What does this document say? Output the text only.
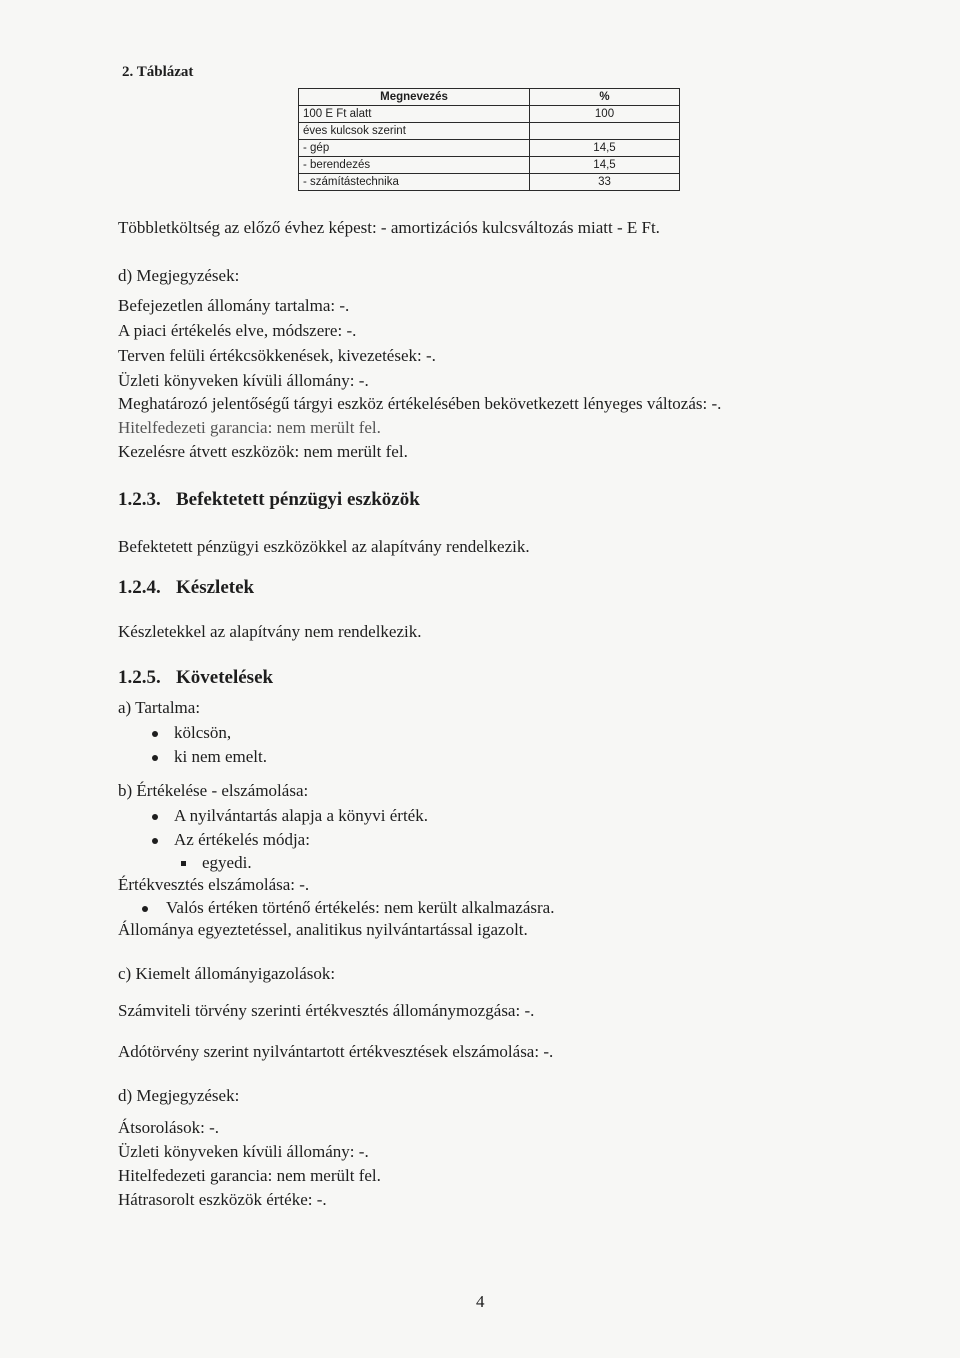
2. Táblázat
Megnevezés	%
100 E Ft alatt	100
éves kulcsok szerint	
- gép	14,5
- berendezés	14,5
- számítástechnika	33
Többletköltség az előző évhez képest: - amortizációs kulcsváltozás miatt - E Ft.
d) Megjegyzések:
Befejezetlen állomány tartalma: -.
A piaci értékelés elve, módszere: -.
Terven felüli értékcsökkenések, kivezetések: -.
Üzleti könyveken kívüli állomány: -.
Meghatározó jelentőségű tárgyi eszköz értékelésében bekövetkezett lényeges változás: -.
Hitelfedezeti garancia: nem merült fel.
Kezelésre átvett eszközök: nem merült fel.
1.2.3. Befektetett pénzügyi eszközök
Befektetett pénzügyi eszközökkel az alapítvány rendelkezik.
1.2.4. Készletek
Készletekkel az alapítvány nem rendelkezik.
1.2.5. Követelések
a) Tartalma:
kölcsön,
ki nem emelt.
b) Értékelése - elszámolása:
A nyilvántartás alapja a könyvi érték.
Az értékelés módja:
egyedi.
Értékvesztés elszámolása: -.
Valós értéken történő értékelés: nem került alkalmazásra.
Állománya egyeztetéssel, analitikus nyilvántartással igazolt.
c) Kiemelt állományigazolások:
Számviteli törvény szerinti értékvesztés állománymozgása: -.
Adótörvény szerint nyilvántartott értékvesztések elszámolása: -.
d) Megjegyzések:
Átsorolások: -.
Üzleti könyveken kívüli állomány: -.
Hitelfedezeti garancia: nem merült fel.
Hátrasorolt eszközök értéke: -.
4
